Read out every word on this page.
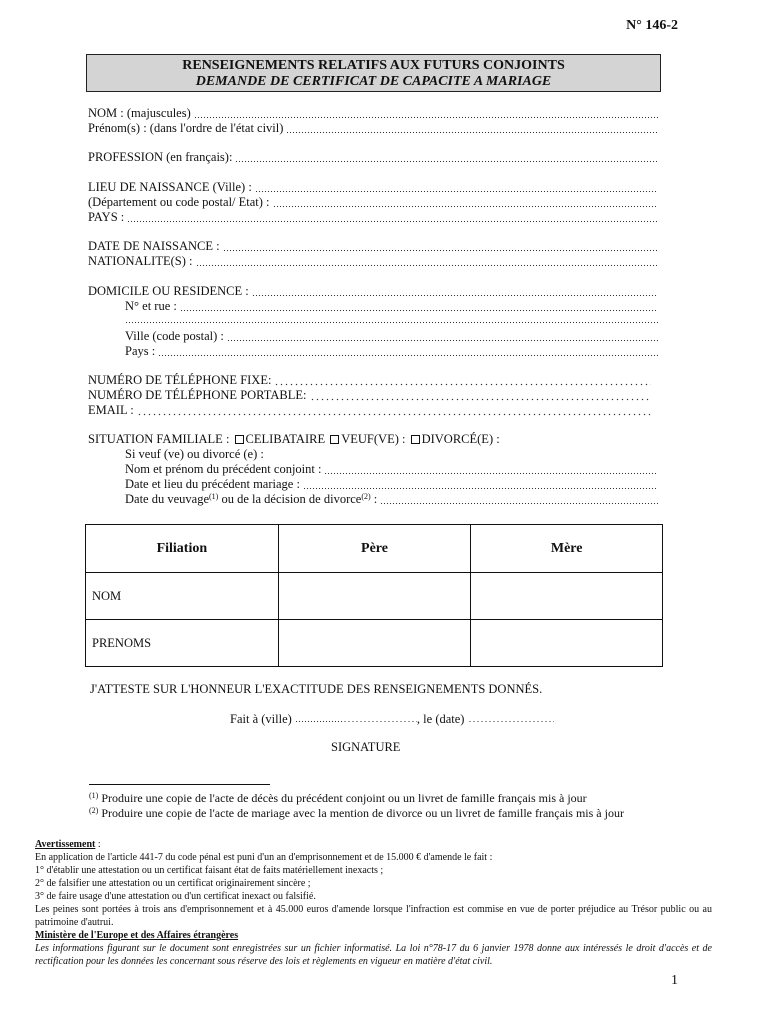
N° 146-2
RENSEIGNEMENTS RELATIFS AUX FUTURS CONJOINTS
DEMANDE DE CERTIFICAT DE CAPACITE A MARIAGE
NOM : (majuscules)
Prénom(s) : (dans l'ordre de l'état civil)
PROFESSION (en français):
LIEU DE NAISSANCE (Ville) :
(Département ou code postal/ Etat) :
PAYS :
DATE DE NAISSANCE :
NATIONALITE(S) :
DOMICILE OU RESIDENCE :
N° et rue :
Ville (code postal) :
Pays :
NUMÉRO DE TÉLÉPHONE FIXE:
NUMÉRO DE TÉLÉPHONE PORTABLE:
EMAIL :
SITUATION FAMILIALE : CELIBATAIRE VEUF(VE) : DIVORCÉ(E) :
Si veuf (ve) ou divorcé (e) :
Nom et prénom du précédent conjoint :
Date et lieu du précédent mariage :
Date du veuvage$^{(1)}$ ou de la décision de divorce$^{(2)}$ :
Filiation	Père	Mère
NOM		
PRENOMS		
J'ATTESTE SUR L'HONNEUR L'EXACTITUDE DES RENSEIGNEMENTS DONNÉS.
Fait à (ville)	, le (date)
SIGNATURE
$^{(1)}$ Produire une copie de l'acte de décès du précédent conjoint ou un livret de famille français mis à jour
$^{(2)}$ Produire une copie de l'acte de mariage avec la mention de divorce ou un livret de famille français mis à jour
Avertissement :
En application de l'article 441-7 du code pénal est puni d'un an d'emprisonnement et de 15.000 € d'amende le fait :
1° d'établir une attestation ou un certificat faisant état de faits matériellement inexacts ;
2° de falsifier une attestation ou un certificat originairement sincère ;
3° de faire usage d'une attestation ou d'un certificat inexact ou falsifié.
Les peines sont portées à trois ans d'emprisonnement et à 45.000 euros d'amende lorsque l'infraction est commise en vue de porter préjudice au Trésor public ou au patrimoine d'autrui.
Ministère de l'Europe et des Affaires étrangères
Les informations figurant sur le document sont enregistrées sur un fichier informatisé. La loi n°78-17 du 6 janvier 1978 donne aux intéressés le droit d'accès et de rectification pour les données les concernant sous réserve des lois et règlements en vigueur en matière d'état civil.
1
